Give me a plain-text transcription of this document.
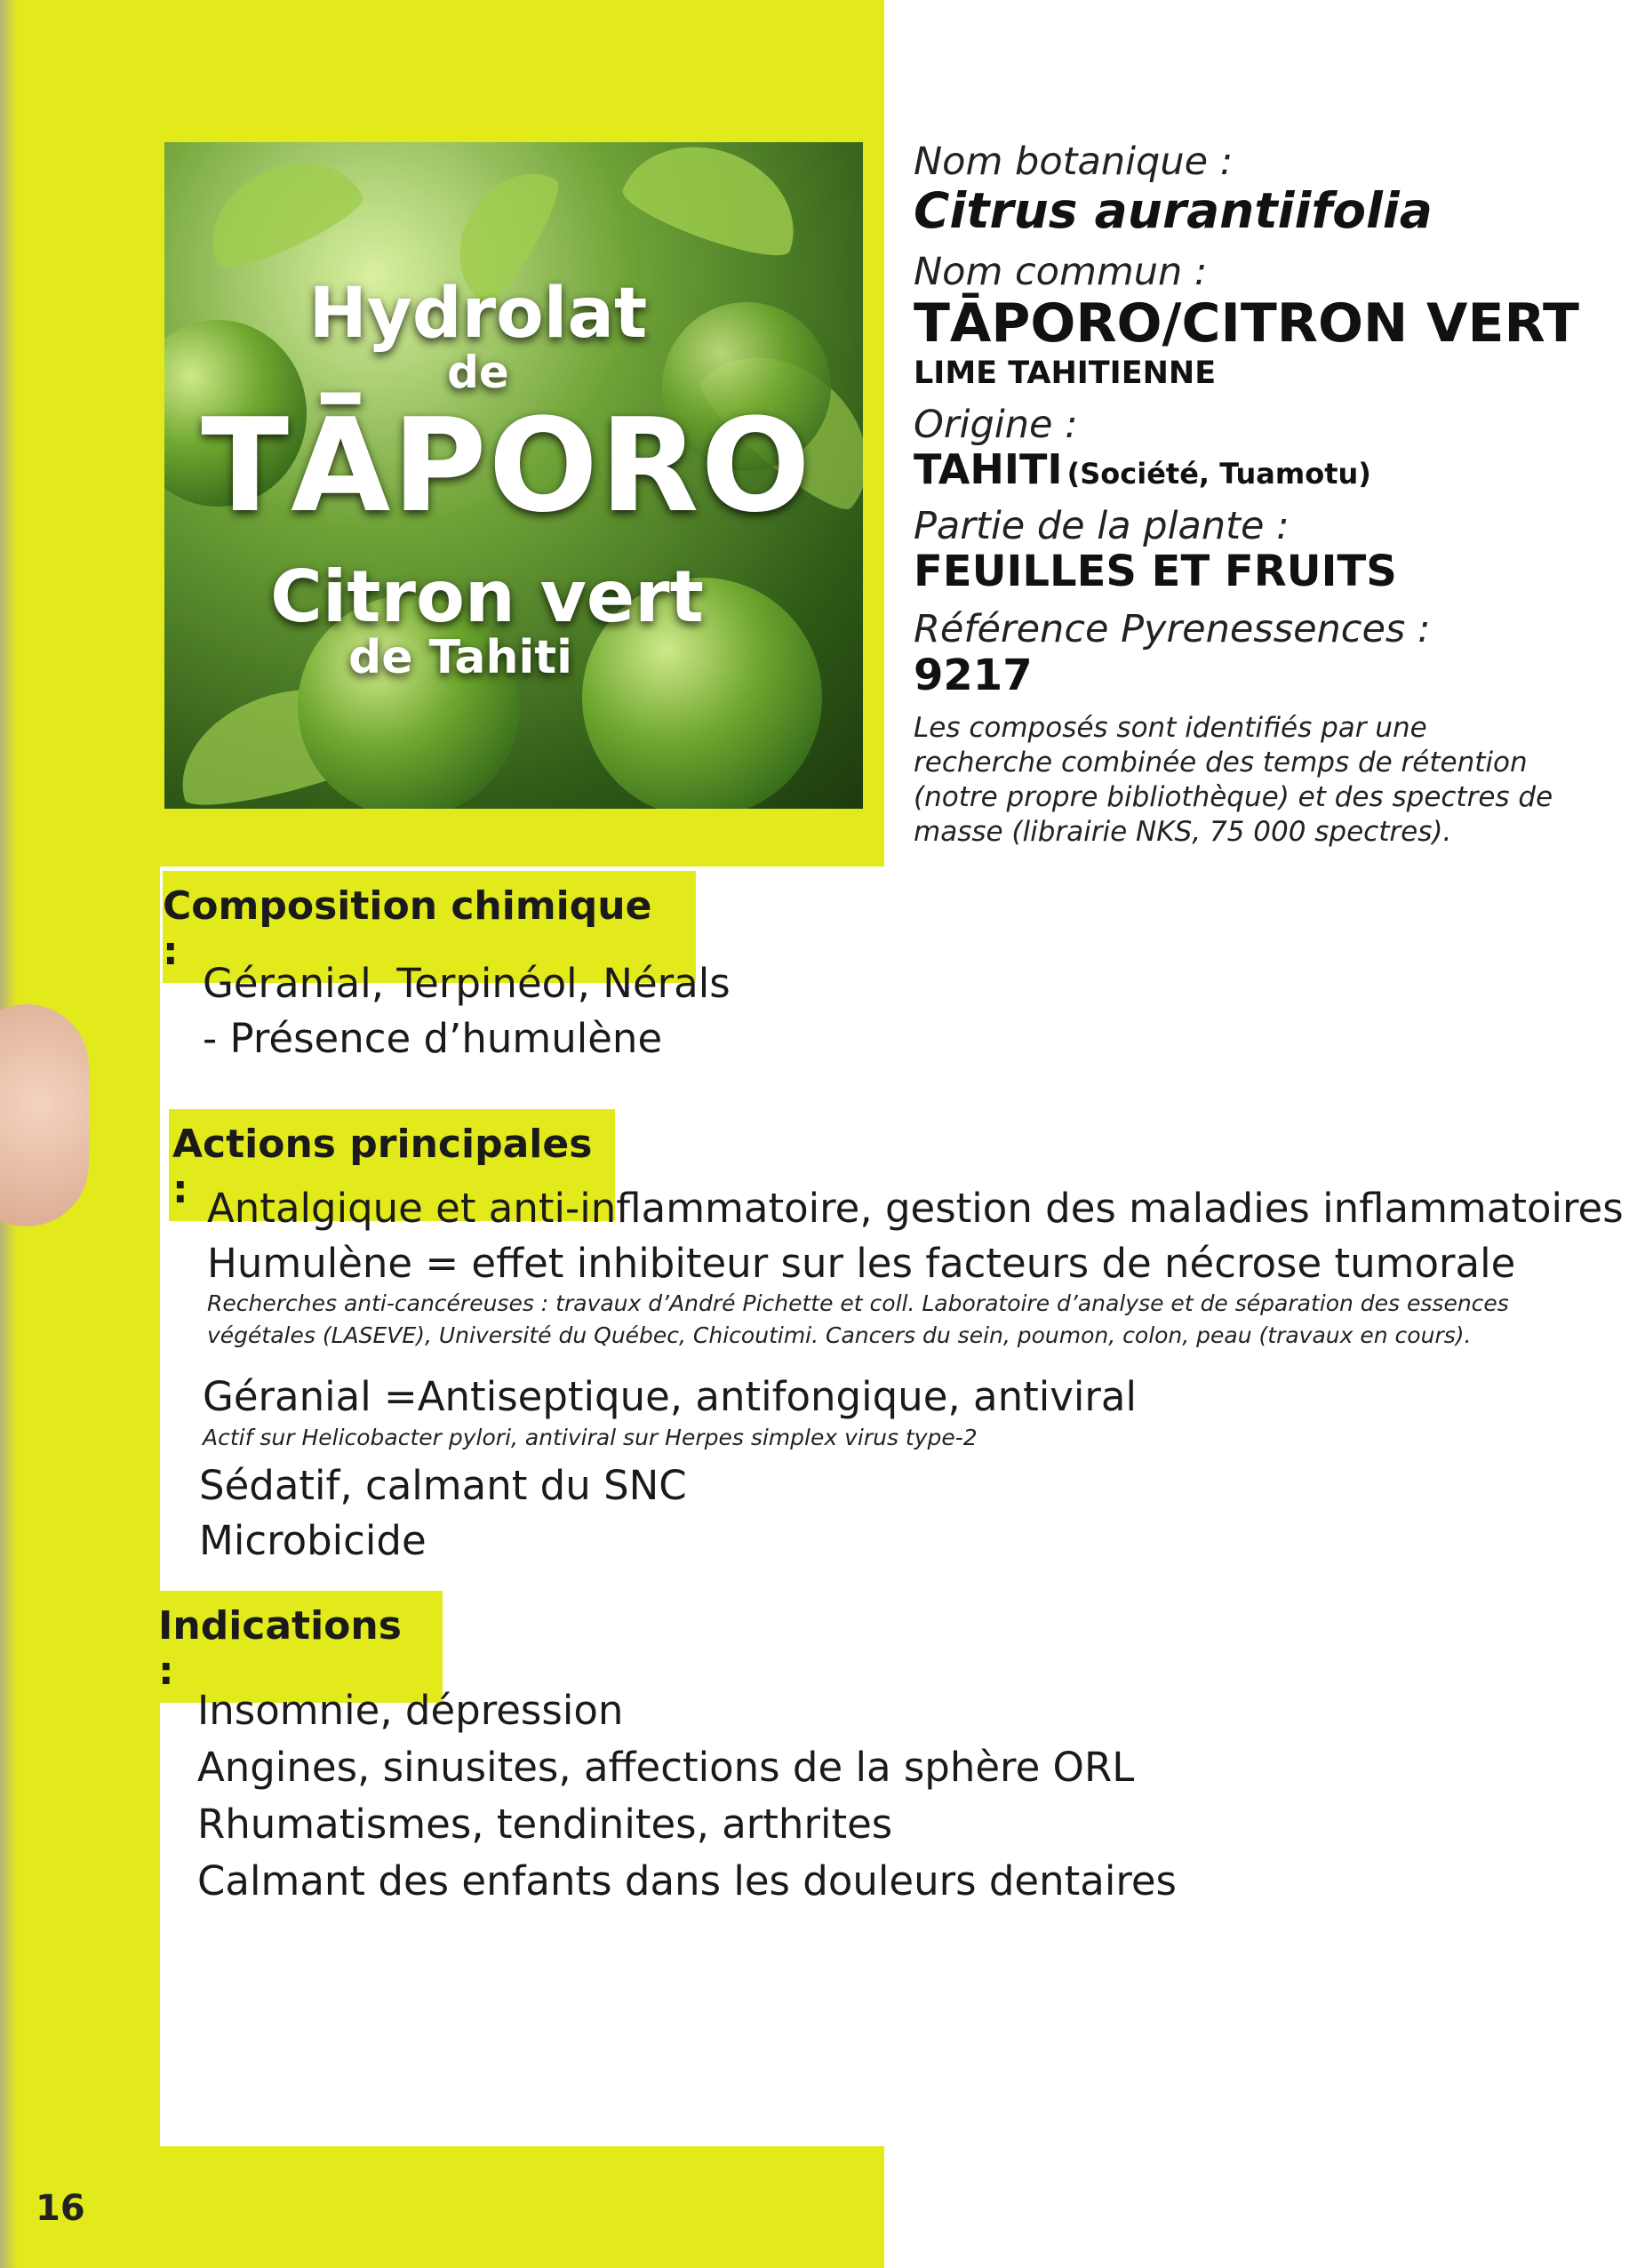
Hydrolat
de
TĀPORO
Citron vert
de Tahiti
Nom botanique :
Citrus aurantiifolia
Nom commun :
TĀPORO/CITRON VERT
LIME TAHITIENNE
Origine :
TAHITI (Société, Tuamotu)
Partie de la plante :
FEUILLES ET FRUITS
Référence Pyrenessences :
9217
Les composés sont identifiés par une recherche combinée des temps de rétention (notre propre bibliothèque) et des spectres de masse (librairie NKS, 75 000 spectres).
Composition chimique :
Géranial, Terpinéol, Nérals
- Présence d’humulène
Actions principales : Antalgique et anti-inflammatoire, gestion des maladies inflammatoires
Humulène = effet inhibiteur sur les facteurs de nécrose tumorale
Recherches anti-cancéreuses : travaux d’André Pichette et coll. Laboratoire d’analyse et de séparation des essences
végétales (LASEVE), Université du Québec, Chicoutimi. Cancers du sein, poumon, colon, peau (travaux en cours).
Géranial =Antiseptique, antifongique, antiviral
Actif sur Helicobacter pylori, antiviral sur Herpes simplex virus type-2
Sédatif, calmant du SNC
Microbicide
Indications :
Insomnie, dépression
Angines, sinusites, affections de la sphère ORL
Rhumatismes, tendinites, arthrites
Calmant des enfants dans les douleurs dentaires
16
